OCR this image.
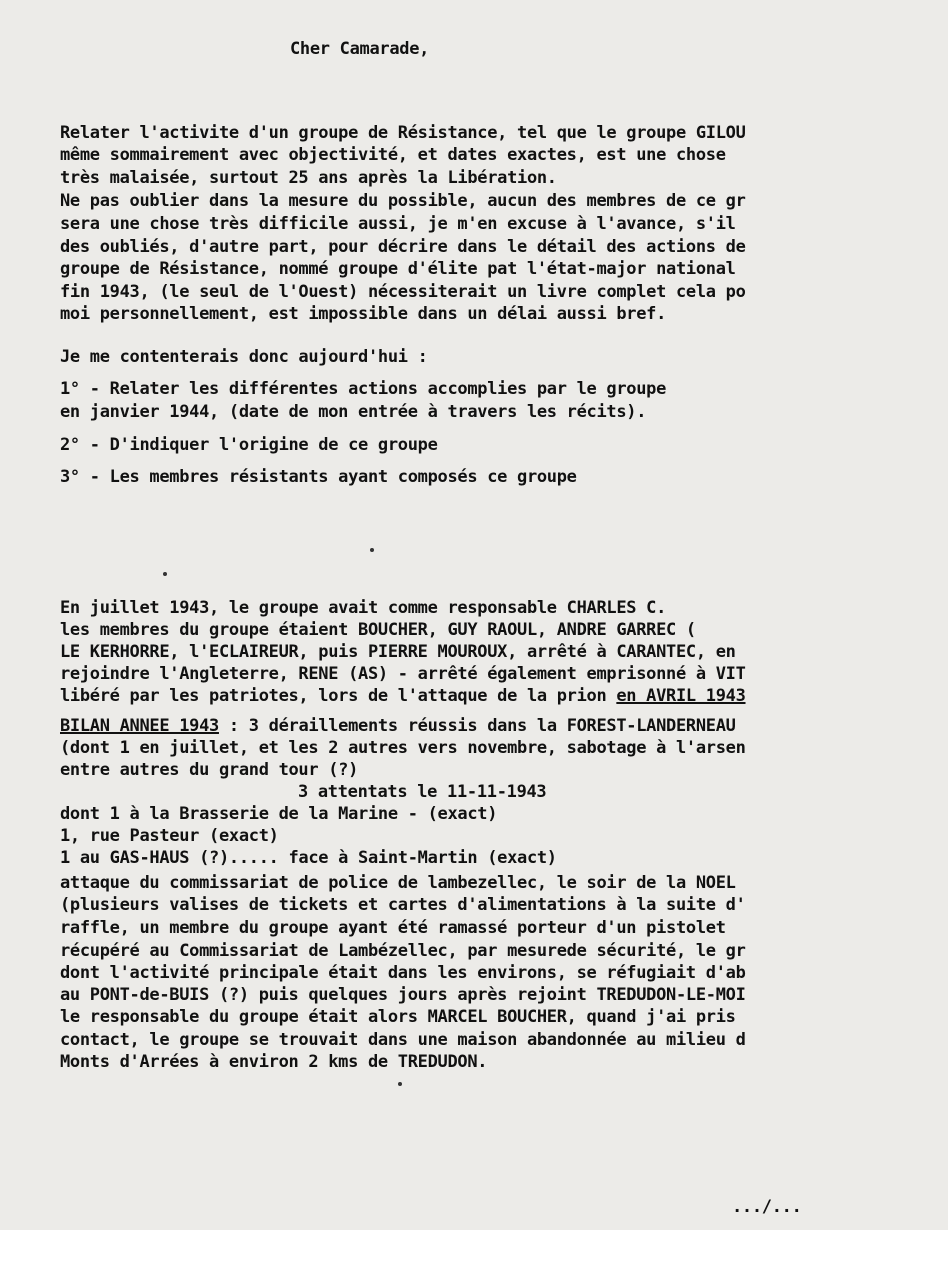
Cher Camarade,
Relater l'activite d'un groupe de Résistance, tel que le groupe GILOU
même sommairement avec objectivité, et dates exactes, est une chose
très malaisée, surtout 25 ans après la Libération.
Ne pas oublier dans la mesure du possible, aucun des membres de ce gr
sera une chose très difficile aussi, je m'en excuse à l'avance, s'il
des oubliés, d'autre part, pour décrire dans le détail des actions de
groupe de Résistance, nommé groupe d'élite pat l'état-major national
fin 1943, (le seul de l'Ouest) nécessiterait un livre complet cela po
moi personnellement, est impossible dans un délai aussi bref.
Je me contenterais donc aujourd'hui :
1° - Relater les différentes actions accomplies par le groupe
en janvier 1944, (date de mon entrée à travers les récits).
2° - D'indiquer l'origine de ce groupe
3° - Les membres résistants ayant composés ce groupe
En juillet 1943, le groupe avait comme responsable CHARLES C.
les membres du groupe étaient BOUCHER, GUY RAOUL, ANDRE GARREC (
LE KERHORRE, l'ECLAIREUR, puis PIERRE MOUROUX, arrêté à CARANTEC, en
rejoindre l'Angleterre, RENE (AS) - arrêté également emprisonné à VIT
libéré par les patriotes, lors de l'attaque de la prion en AVRIL 1943
BILAN ANNEE 1943 : 3 déraillements réussis dans la FOREST-LANDERNEAU
(dont 1 en juillet, et les 2 autres vers novembre, sabotage à l'arsen
entre autres du grand tour (?)
3 attentats le 11-11-1943
dont 1 à la Brasserie de la Marine - (exact)
1, rue Pasteur (exact)
1 au GAS-HAUS (?)..... face à Saint-Martin (exact)
attaque du commissariat de police de lambezellec, le soir de la NOEL
(plusieurs valises de tickets et cartes d'alimentations à la suite d'
raffle, un membre du groupe ayant été ramassé porteur d'un pistolet
récupéré au Commissariat de Lambézellec, par mesurede sécurité, le gr
dont l'activité principale était dans les environs, se réfugiait d'ab
au PONT-de-BUIS (?) puis quelques jours après rejoint TREDUDON-LE-MOI
le responsable du groupe était alors MARCEL BOUCHER, quand j'ai pris
contact, le groupe se trouvait dans une maison abandonnée au milieu d
Monts d'Arrées à environ 2 kms de TREDUDON.
.../...
